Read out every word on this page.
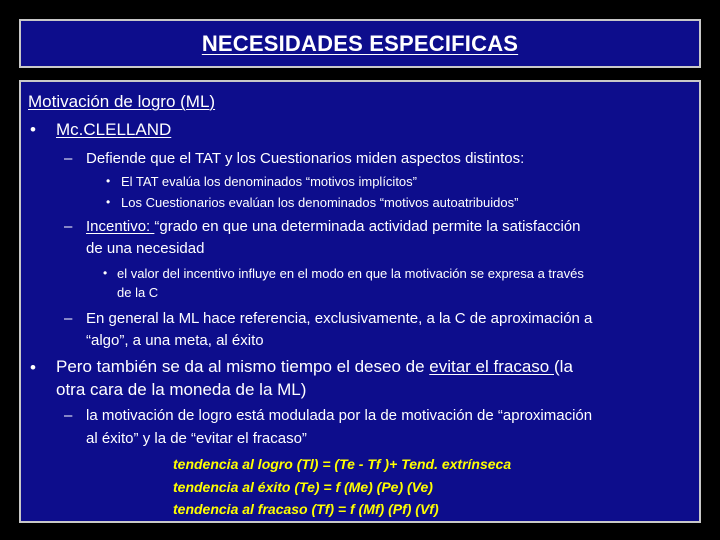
NECESIDADES ESPECIFICAS
Motivación de logro (ML)
• Mc.CLELLAND
– Defiende que el TAT y los Cuestionarios miden aspectos distintos:
• El TAT evalúa los denominados “motivos implícitos”
• Los Cuestionarios evalúan los denominados “motivos autoatribuidos”
– Incentivo: “grado en que una determinada actividad permite la satisfacción
de una necesidad
• el valor del incentivo influye en el modo en que la motivación se expresa a través
de la C
– En general la ML hace referencia, exclusivamente, a la C de aproximación a
“algo”, a una meta, al éxito
• Pero también se da al mismo tiempo el deseo de evitar el fracaso (la
otra cara de la moneda de la ML)
– la motivación de logro está modulada por la de motivación de “aproximación
al éxito” y la de “evitar el fracaso”
tendencia al logro (Tl) = (Te - Tf )+ Tend. extrínseca
tendencia al éxito (Te) = f (Me) (Pe) (Ve)
tendencia al fracaso (Tf) = f (Mf) (Pf) (Vf)
